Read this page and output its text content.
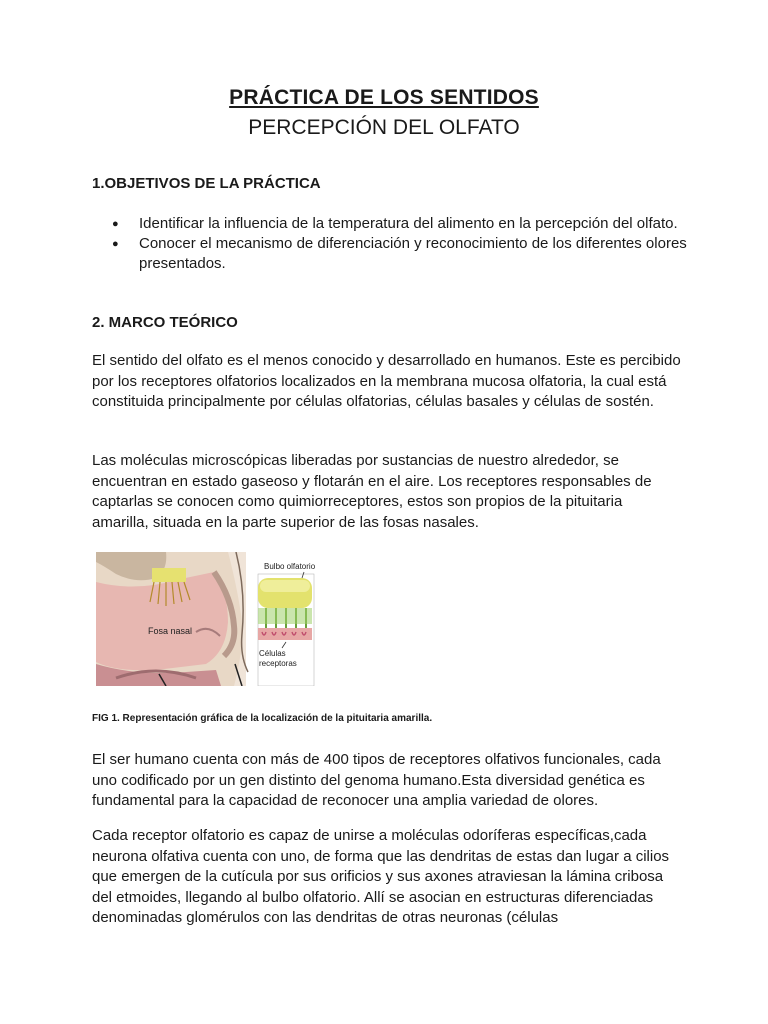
PRÁCTICA DE LOS SENTIDOS
PERCEPCIÓN DEL OLFATO
1.OBJETIVOS DE LA PRÁCTICA
● Identificar la influencia de la temperatura del alimento en la percepción del olfato.
● Conocer el mecanismo de diferenciación y reconocimiento de los diferentes olores presentados.
2. MARCO TEÓRICO

El sentido del olfato es el menos conocido y desarrollado en humanos. Este es percibido por los receptores olfatorios localizados en la membrana mucosa olfatoria, la cual está constituida principalmente por células olfatorias, células basales y células de sostén.

Las moléculas microscópicas liberadas por sustancias de nuestro alrededor, se encuentran en estado gaseoso y flotarán en el aire. Los receptores responsables de captarlas se conocen como quimiorreceptores, estos son propios de la pituitaria amarilla, situada en la parte superior de las fosas nasales.

Fosa nasal
Bulbo olfatorio
Células
receptoras
FIG 1. Representación gráfica de la localización de la pituitaria amarilla.

El ser humano cuenta con más de 400 tipos de receptores olfativos funcionales, cada uno codificado por un gen distinto del genoma humano.Esta diversidad genética es fundamental para la capacidad de reconocer una amplia variedad de olores.

Cada receptor olfatorio es capaz de unirse a moléculas odoríferas específicas,cada neurona olfativa cuenta con uno, de forma que las dendritas de estas dan lugar a cilios que emergen de la cutícula por sus orificios y sus axones atraviesan la lámina cribosa del etmoides, llegando al bulbo olfatorio. Allí se asocian en estructuras diferenciadas denominadas glomérulos con las dendritas de otras neuronas (células
